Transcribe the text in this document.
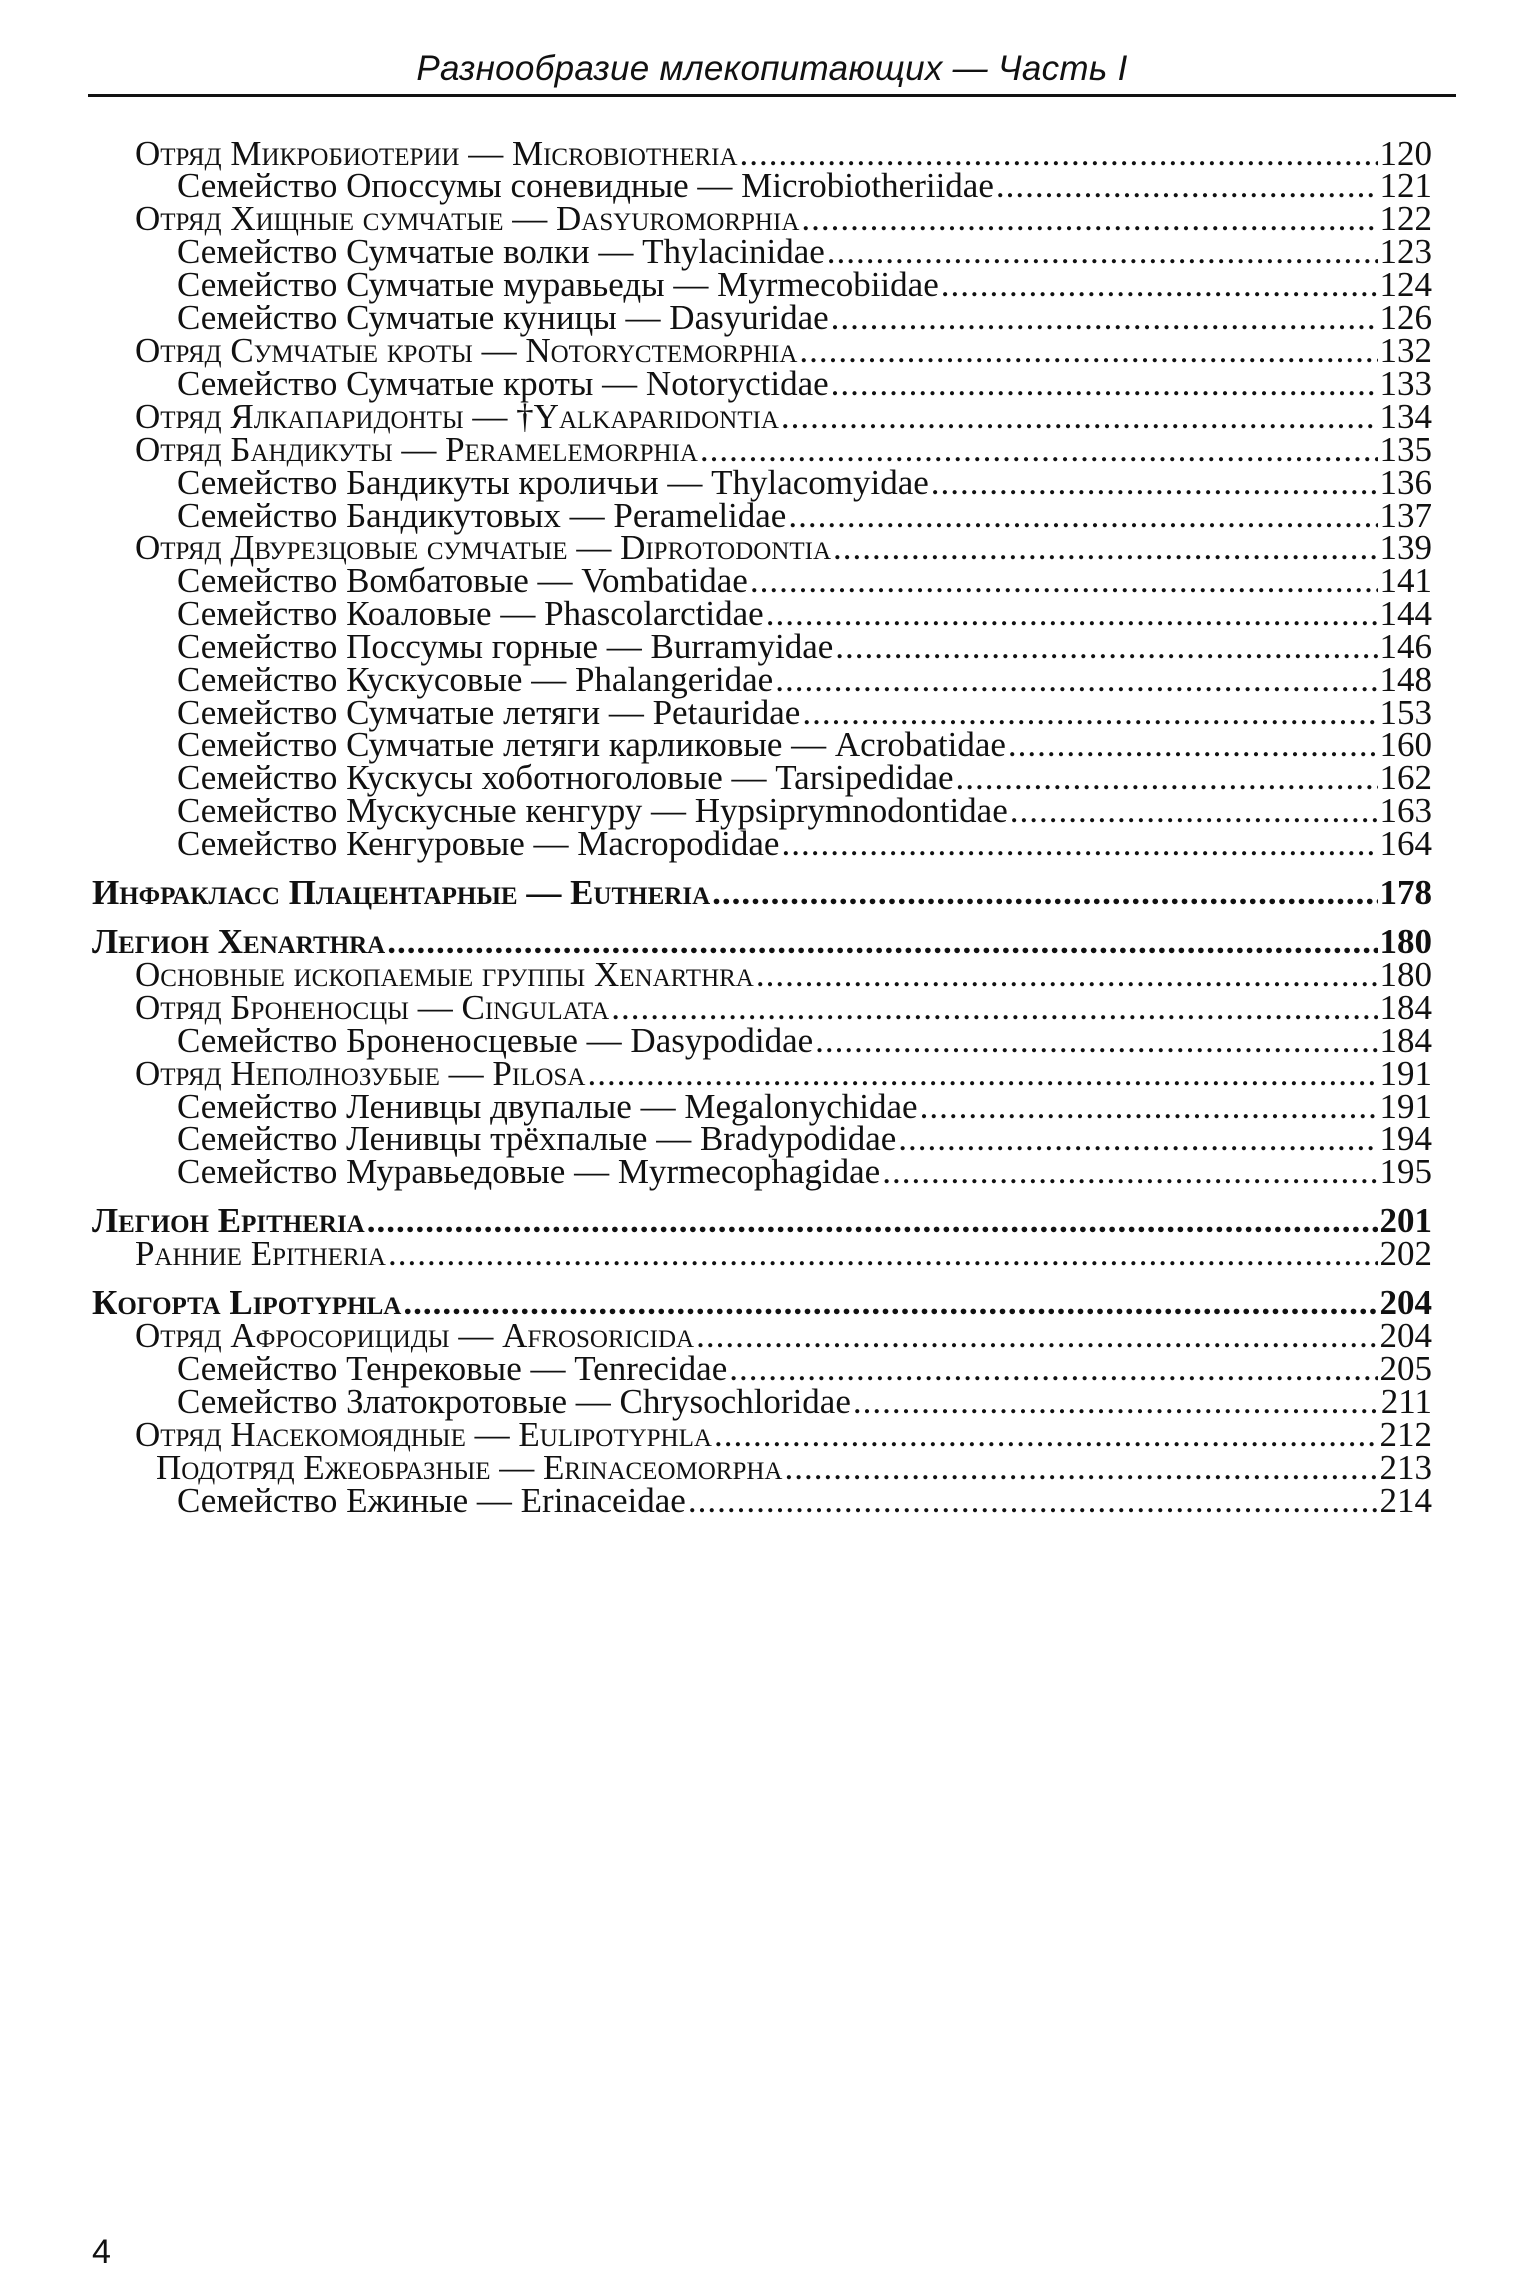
Разнообразие млекопитающих — Часть I
Отряд Микробиотерии — Microbiotheria .....	120
Семейство Опоссумы соневидные — Microbiotheriidae .....	121
Отряд Хищные сумчатые — Dasyuromorphia .....	122
Семейство Сумчатые волки — Thylacinidae .....	123
Семейство Сумчатые муравьеды — Myrmecobiidae .....	124
Семейство Сумчатые куницы — Dasyuridae .....	126
Отряд Сумчатые кроты — Notoryctemorphia .....	132
Семейство Сумчатые кроты — Notoryctidae .....	133
Отряд Ялкапаридонты — †Yalkaparidontia .....	134
Отряд Бандикуты — Peramelemorphia .....	135
Семейство Бандикуты кроличьи — Thylacomyidae .....	136
Семейство Бандикутовых — Peramelidae .....	137
Отряд Двурезцовые сумчатые — Diprotodontia .....	139
Семейство Вомбатовые — Vombatidae .....	141
Семейство Коаловые — Phascolarctidae .....	144
Семейство Поссумы горные — Burramyidae .....	146
Семейство Кускусовые — Phalangeridae .....	148
Семейство Сумчатые летяги — Petauridae .....	153
Семейство Сумчатые летяги карликовые — Acrobatidae .....	160
Семейство Кускусы хоботноголовые — Tarsipedidae .....	162
Семейство Мускусные кенгуру — Hypsiprymnodontidae .....	163
Семейство Кенгуровые — Macropodidae .....	164
Инфракласс Плацентарные — Eutheria .....	178
Легион Xenarthra .....	180
Основные ископаемые группы Xenarthra .....	180
Отряд Броненосцы — Cingulata .....	184
Семейство Броненосцевые — Dasypodidae .....	184
Отряд Неполнозубые — Pilosa .....	191
Семейство Ленивцы двупалые — Megalonychidae .....	191
Семейство Ленивцы трёхпалые — Bradypodidae .....	194
Семейство Муравьедовые — Myrmecophagidae .....	195
Легион Epitheria .....	201
Ранние Epitheria .....	202
Когорта Lipotyphla .....	204
Отряд Афросорициды — Afrosoricida .....	204
Семейство Тенрековые — Tenrecidae .....	205
Семейство Златокротовые — Chrysochloridae .....	211
Отряд Насекомоядные — Eulipotyphla .....	212
Подотряд Ежеобразные — Erinaceomorpha .....	213
Семейство Ежиные — Erinaceidae .....	214
4
